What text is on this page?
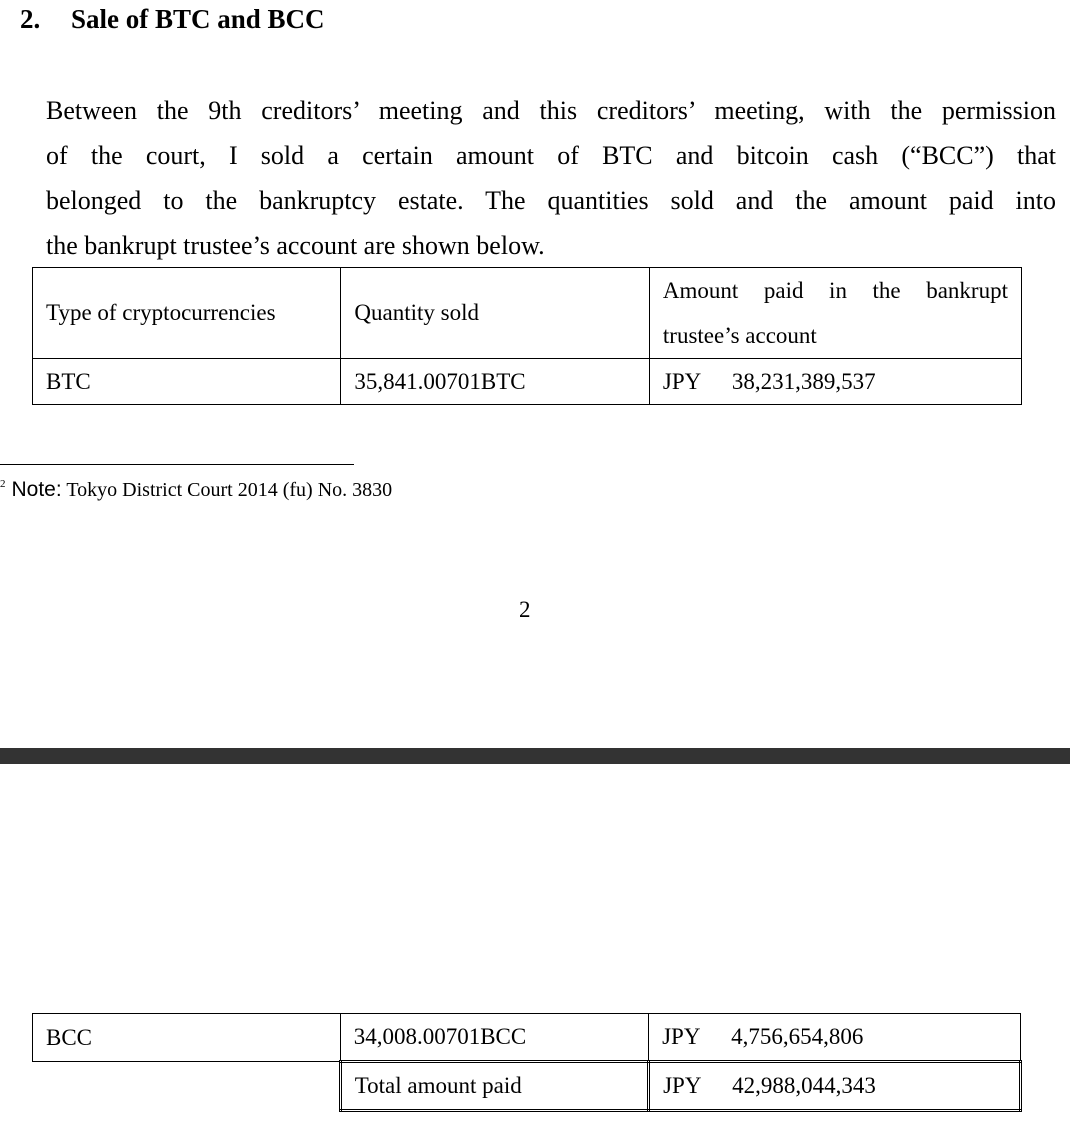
2. Sale of BTC and BCC
Between the 9th creditors’ meeting and this creditors’ meeting, with the permission
of the court, I sold a certain amount of BTC and bitcoin cash (“BCC”) that
belonged to the bankruptcy estate. The quantities sold and the amount paid into
the bankrupt trustee’s account are shown below.
Type of cryptocurrencies	Quantity sold	Amount paid in the bankrupt
trustee’s account
BTC	35,841.00701BTC	JPY 38,231,389,537
$^2$ Note: Tokyo District Court 2014 (fu) No. 3830
2
BCC	34,008.00701BCC	JPY 4,756,654,806
	Total amount paid	JPY 42,988,044,343
